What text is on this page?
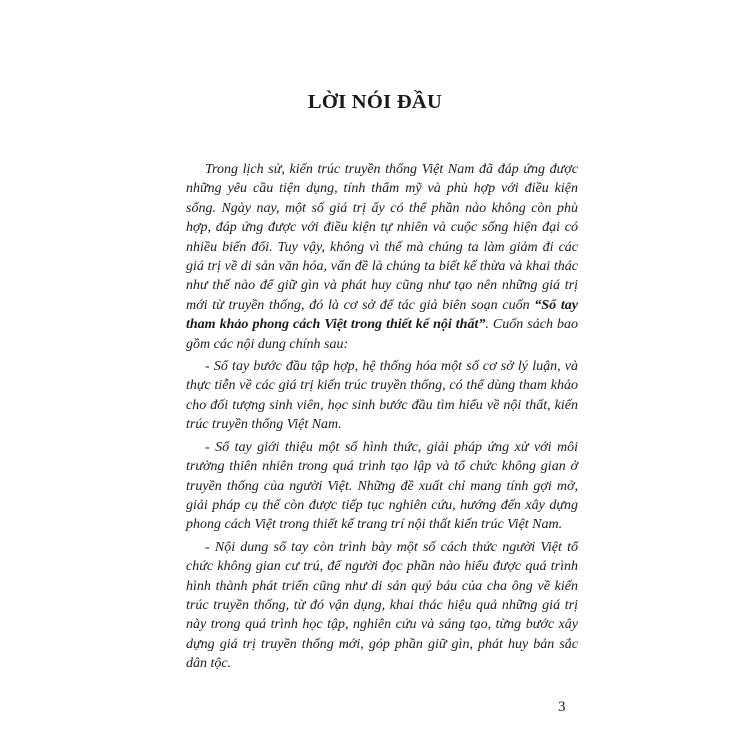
LỜI NÓI ĐẦU

Trong lịch sử, kiến trúc truyền thống Việt Nam đã đáp ứng được những yêu cầu tiện dụng, tính thẩm mỹ và phù hợp với điều kiện sống. Ngày nay, một số giá trị ấy có thể phần nào không còn phù hợp, đáp ứng được với điều kiện tự nhiên và cuộc sống hiện đại có nhiều biến đổi. Tuy vậy, không vì thế mà chúng ta làm giảm đi các giá trị về di sản văn hóa, vấn đề là chúng ta biết kế thừa và khai thác như thế nào để giữ gìn và phát huy cũng như tạo nên những giá trị mới từ truyền thống, đó là cơ sở để tác giả biên soạn cuốn “Sổ tay tham khảo phong cách Việt trong thiết kế nội thất”. Cuốn sách bao gồm các nội dung chính sau:

- Sổ tay bước đầu tập hợp, hệ thống hóa một số cơ sở lý luận, và thực tiễn về các giá trị kiến trúc truyền thống, có thể dùng tham khảo cho đối tượng sinh viên, học sinh bước đầu tìm hiểu về nội thất, kiến trúc truyền thống Việt Nam.

- Sổ tay giới thiệu một số hình thức, giải pháp ứng xử với môi trường thiên nhiên trong quá trình tạo lập và tổ chức không gian ở truyền thống của người Việt. Những đề xuất chỉ mang tính gợi mở, giải pháp cụ thể còn được tiếp tục nghiên cứu, hướng đến xây dựng phong cách Việt trong thiết kế trang trí nội thất kiến trúc Việt Nam.

- Nội dung sổ tay còn trình bày một số cách thức người Việt tổ chức không gian cư trú, để người đọc phần nào hiểu được quá trình hình thành phát triển cũng như di sản quý báu của cha ông về kiến trúc truyền thống, từ đó vận dụng, khai thác hiệu quả những giá trị này trong quá trình học tập, nghiên cứu và sáng tạo, từng bước xây dựng giá trị truyền thống mới, góp phần giữ gìn, phát huy bản sắc dân tộc.

3
